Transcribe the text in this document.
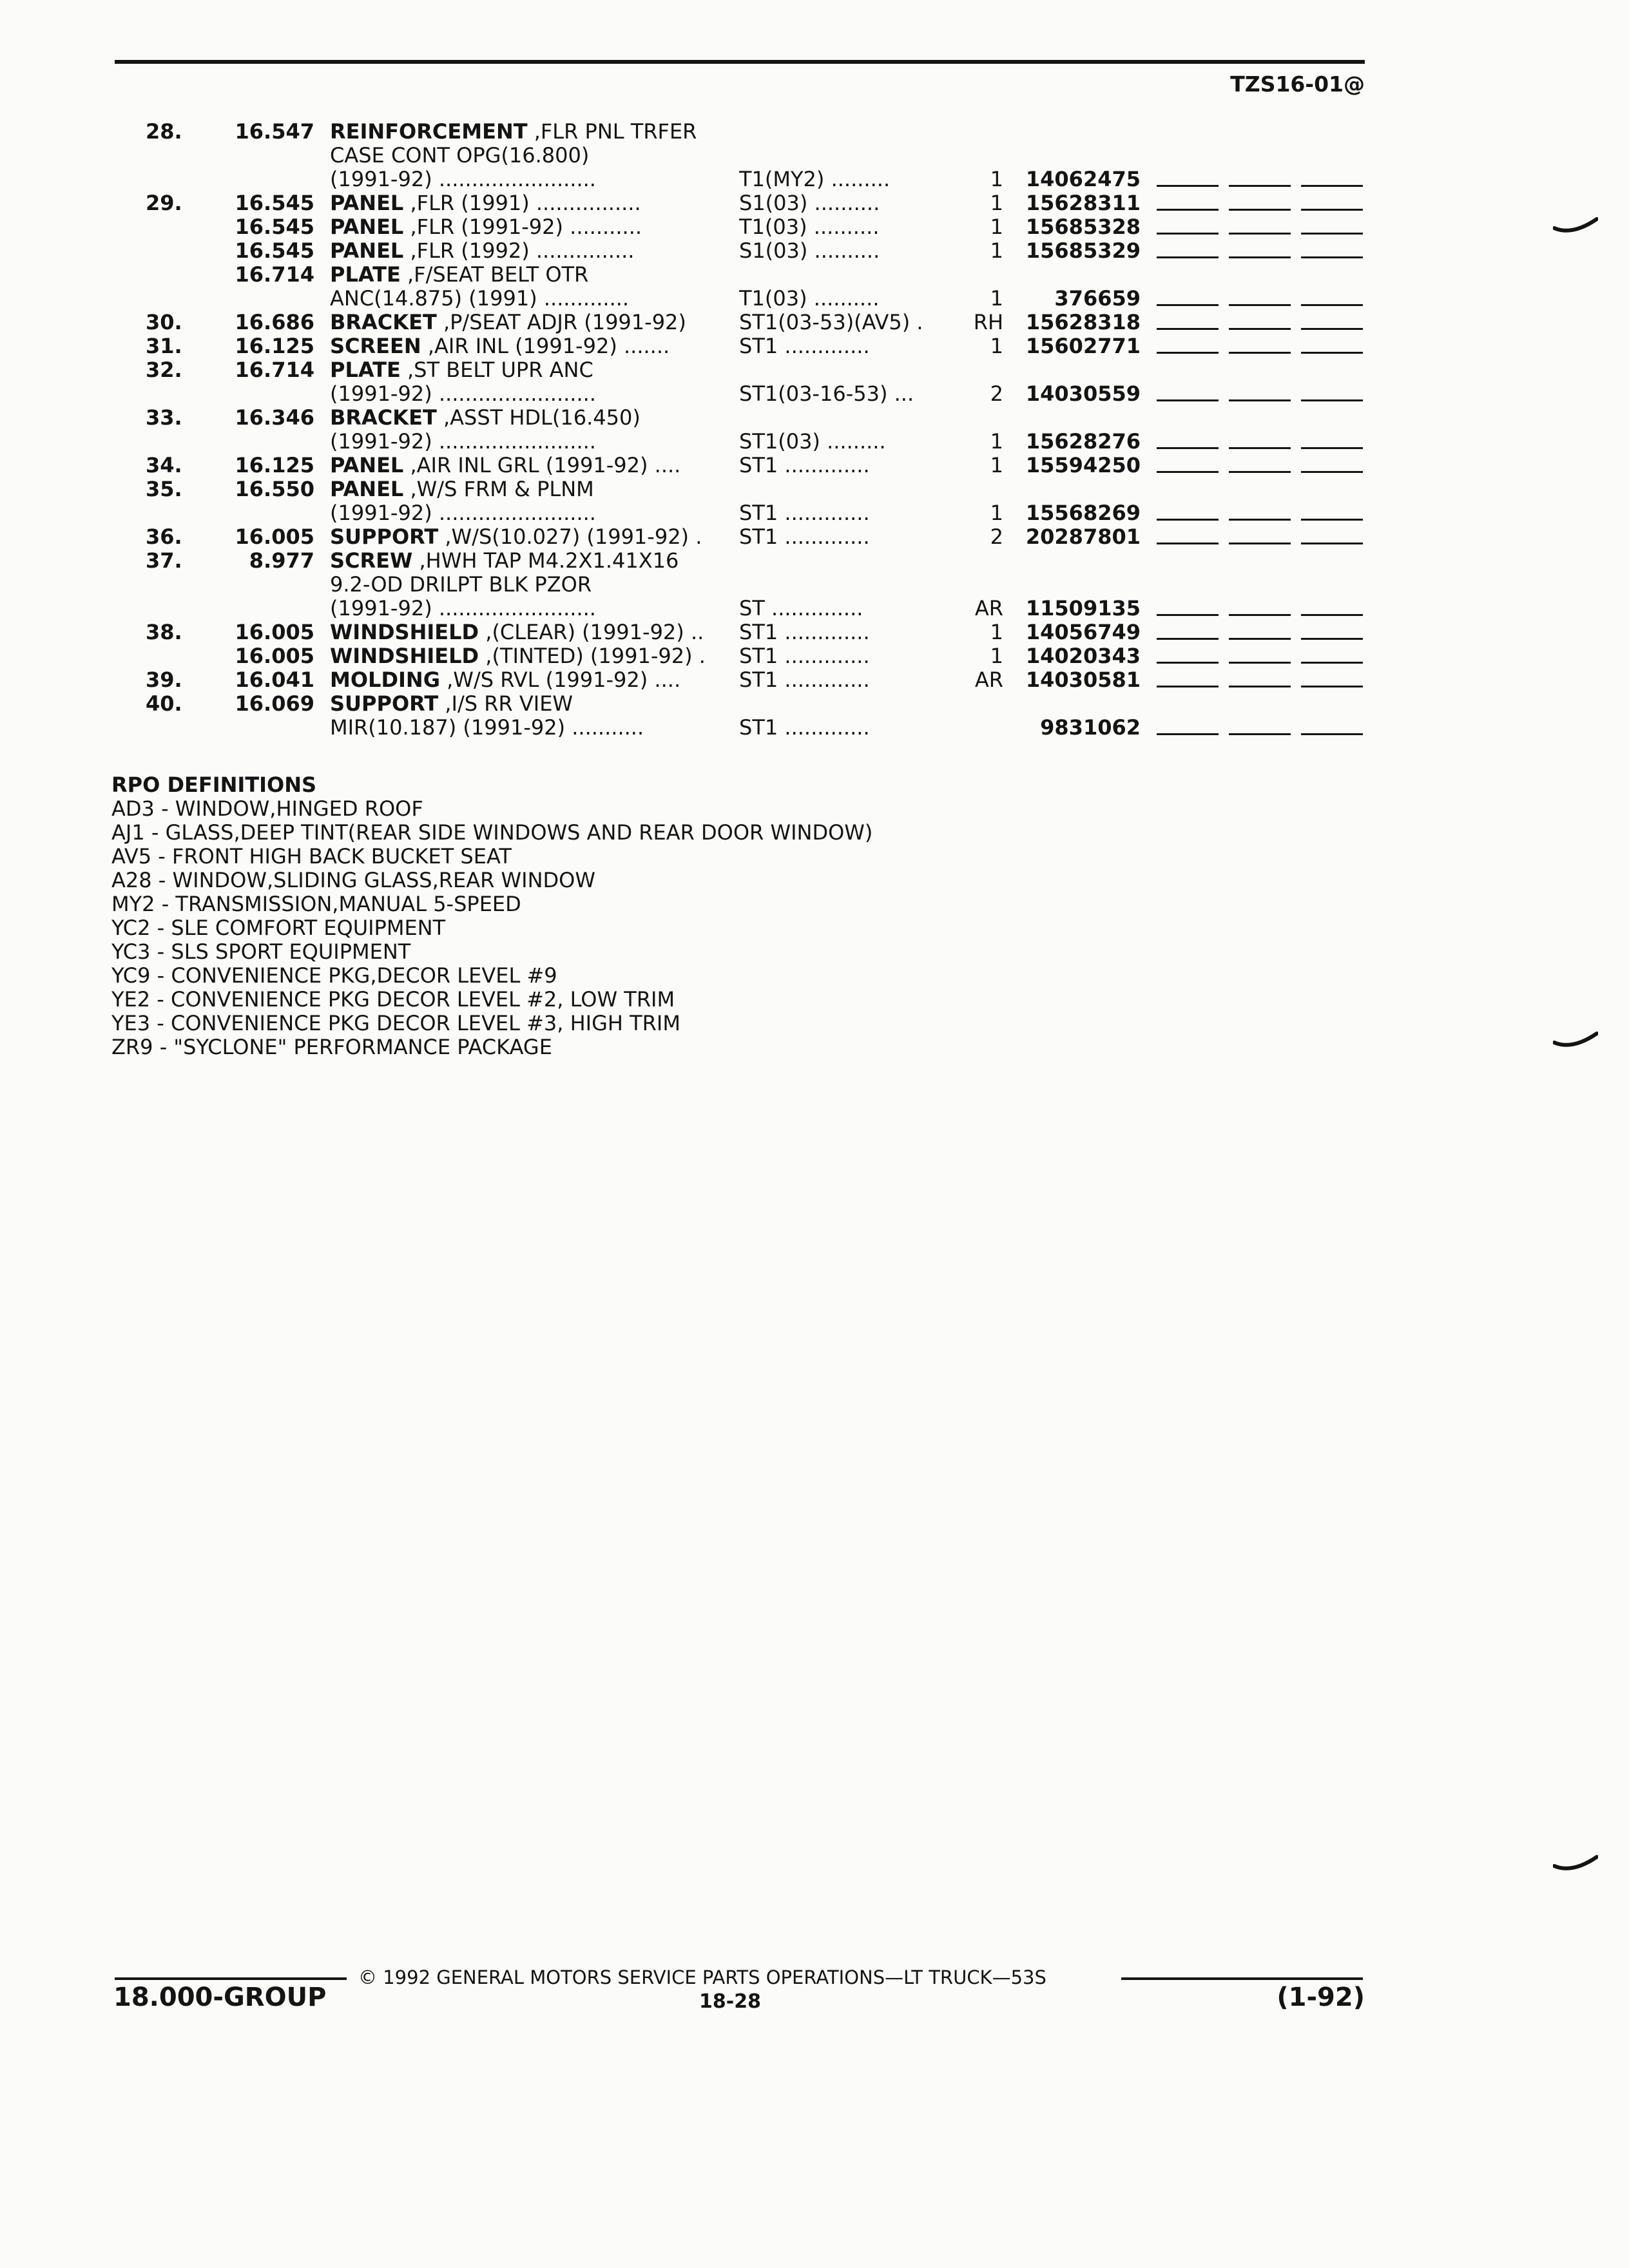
TZS16-01@
28.	16.547 REINFORCEMENT ,FLR PNL TRFER
CASE CONT OPG(16.800)
(1991-92) ........................	T1(MY2) .........	1	14062475
29.	16.545 PANEL ,FLR (1991) ................	S1(03) ..........	1	15628311
16.545 PANEL ,FLR (1991-92) ...........	T1(03) ..........	1	15685328
16.545 PANEL ,FLR (1992) ...............	S1(03) ..........	1	15685329
16.714 PLATE ,F/SEAT BELT OTR
ANC(14.875) (1991) .............	T1(03) ..........	1	376659
30.	16.686 BRACKET ,P/SEAT ADJR (1991-92)	ST1(03-53)(AV5) .	RH	15628318
31.	16.125 SCREEN ,AIR INL (1991-92) .......	ST1 .............	1	15602771
32.	16.714 PLATE ,ST BELT UPR ANC
(1991-92) ........................	ST1(03-16-53) ...	2	14030559
33.	16.346 BRACKET ,ASST HDL(16.450)
(1991-92) ........................	ST1(03) .........	1	15628276
34.	16.125 PANEL ,AIR INL GRL (1991-92) ....	ST1 .............	1	15594250
35.	16.550 PANEL ,W/S FRM & PLNM
(1991-92) ........................	ST1 .............	1	15568269
36.	16.005 SUPPORT ,W/S(10.027) (1991-92) .	ST1 .............	2	20287801
37.	8.977 SCREW ,HWH TAP M4.2X1.41X16
9.2-OD DRILPT BLK PZOR
(1991-92) ........................	ST ..............	AR	11509135
38.	16.005 WINDSHIELD ,(CLEAR) (1991-92) ..	ST1 .............	1	14056749
16.005 WINDSHIELD ,(TINTED) (1991-92) .	ST1 .............	1	14020343
39.	16.041 MOLDING ,W/S RVL (1991-92) ....	ST1 .............	AR	14030581
40.	16.069 SUPPORT ,I/S RR VIEW
MIR(10.187) (1991-92) ...........	ST1 .............	9831062
RPO DEFINITIONS
AD3 - WINDOW,HINGED ROOF
AJ1 - GLASS,DEEP TINT(REAR SIDE WINDOWS AND REAR DOOR WINDOW)
AV5 - FRONT HIGH BACK BUCKET SEAT
A28 - WINDOW,SLIDING GLASS,REAR WINDOW
MY2 - TRANSMISSION,MANUAL 5-SPEED
YC2 - SLE COMFORT EQUIPMENT
YC3 - SLS SPORT EQUIPMENT
YC9 - CONVENIENCE PKG,DECOR LEVEL #9
YE2 - CONVENIENCE PKG DECOR LEVEL #2, LOW TRIM
YE3 - CONVENIENCE PKG DECOR LEVEL #3, HIGH TRIM
ZR9 - "SYCLONE" PERFORMANCE PACKAGE
© 1992 GENERAL MOTORS SERVICE PARTS OPERATIONS—LT TRUCK—53S
18.000-GROUP	18-28	(1-92)
